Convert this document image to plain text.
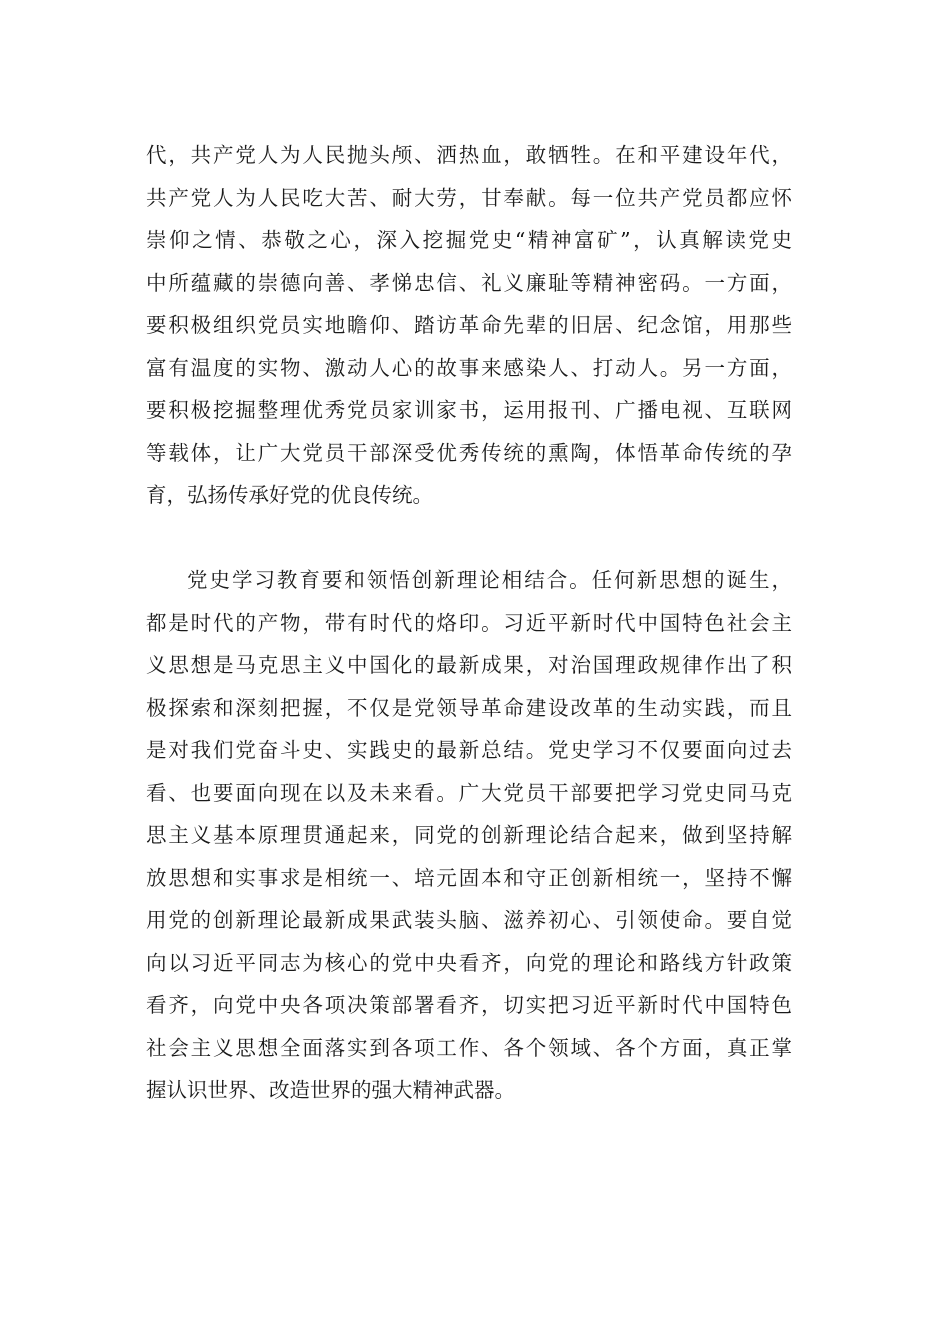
代，共产党人为人民抛头颅、洒热血，敢牺牲。在和平建设年代，
共产党人为人民吃大苦、耐大劳，甘奉献。每一位共产党员都应怀
崇仰之情、恭敬之心，深入挖掘党史“精神富矿”，认真解读党史
中所蕴藏的崇德向善、孝悌忠信、礼义廉耻等精神密码。一方面，
要积极组织党员实地瞻仰、踏访革命先辈的旧居、纪念馆，用那些
富有温度的实物、激动人心的故事来感染人、打动人。另一方面，
要积极挖掘整理优秀党员家训家书，运用报刊、广播电视、互联网
等载体，让广大党员干部深受优秀传统的熏陶，体悟革命传统的孕
育，弘扬传承好党的优良传统。
党史学习教育要和领悟创新理论相结合。任何新思想的诞生，
都是时代的产物，带有时代的烙印。习近平新时代中国特色社会主
义思想是马克思主义中国化的最新成果，对治国理政规律作出了积
极探索和深刻把握，不仅是党领导革命建设改革的生动实践，而且
是对我们党奋斗史、实践史的最新总结。党史学习不仅要面向过去
看、也要面向现在以及未来看。广大党员干部要把学习党史同马克
思主义基本原理贯通起来，同党的创新理论结合起来，做到坚持解
放思想和实事求是相统一、培元固本和守正创新相统一，坚持不懈
用党的创新理论最新成果武装头脑、滋养初心、引领使命。要自觉
向以习近平同志为核心的党中央看齐，向党的理论和路线方针政策
看齐，向党中央各项决策部署看齐，切实把习近平新时代中国特色
社会主义思想全面落实到各项工作、各个领域、各个方面，真正掌
握认识世界、改造世界的强大精神武器。
